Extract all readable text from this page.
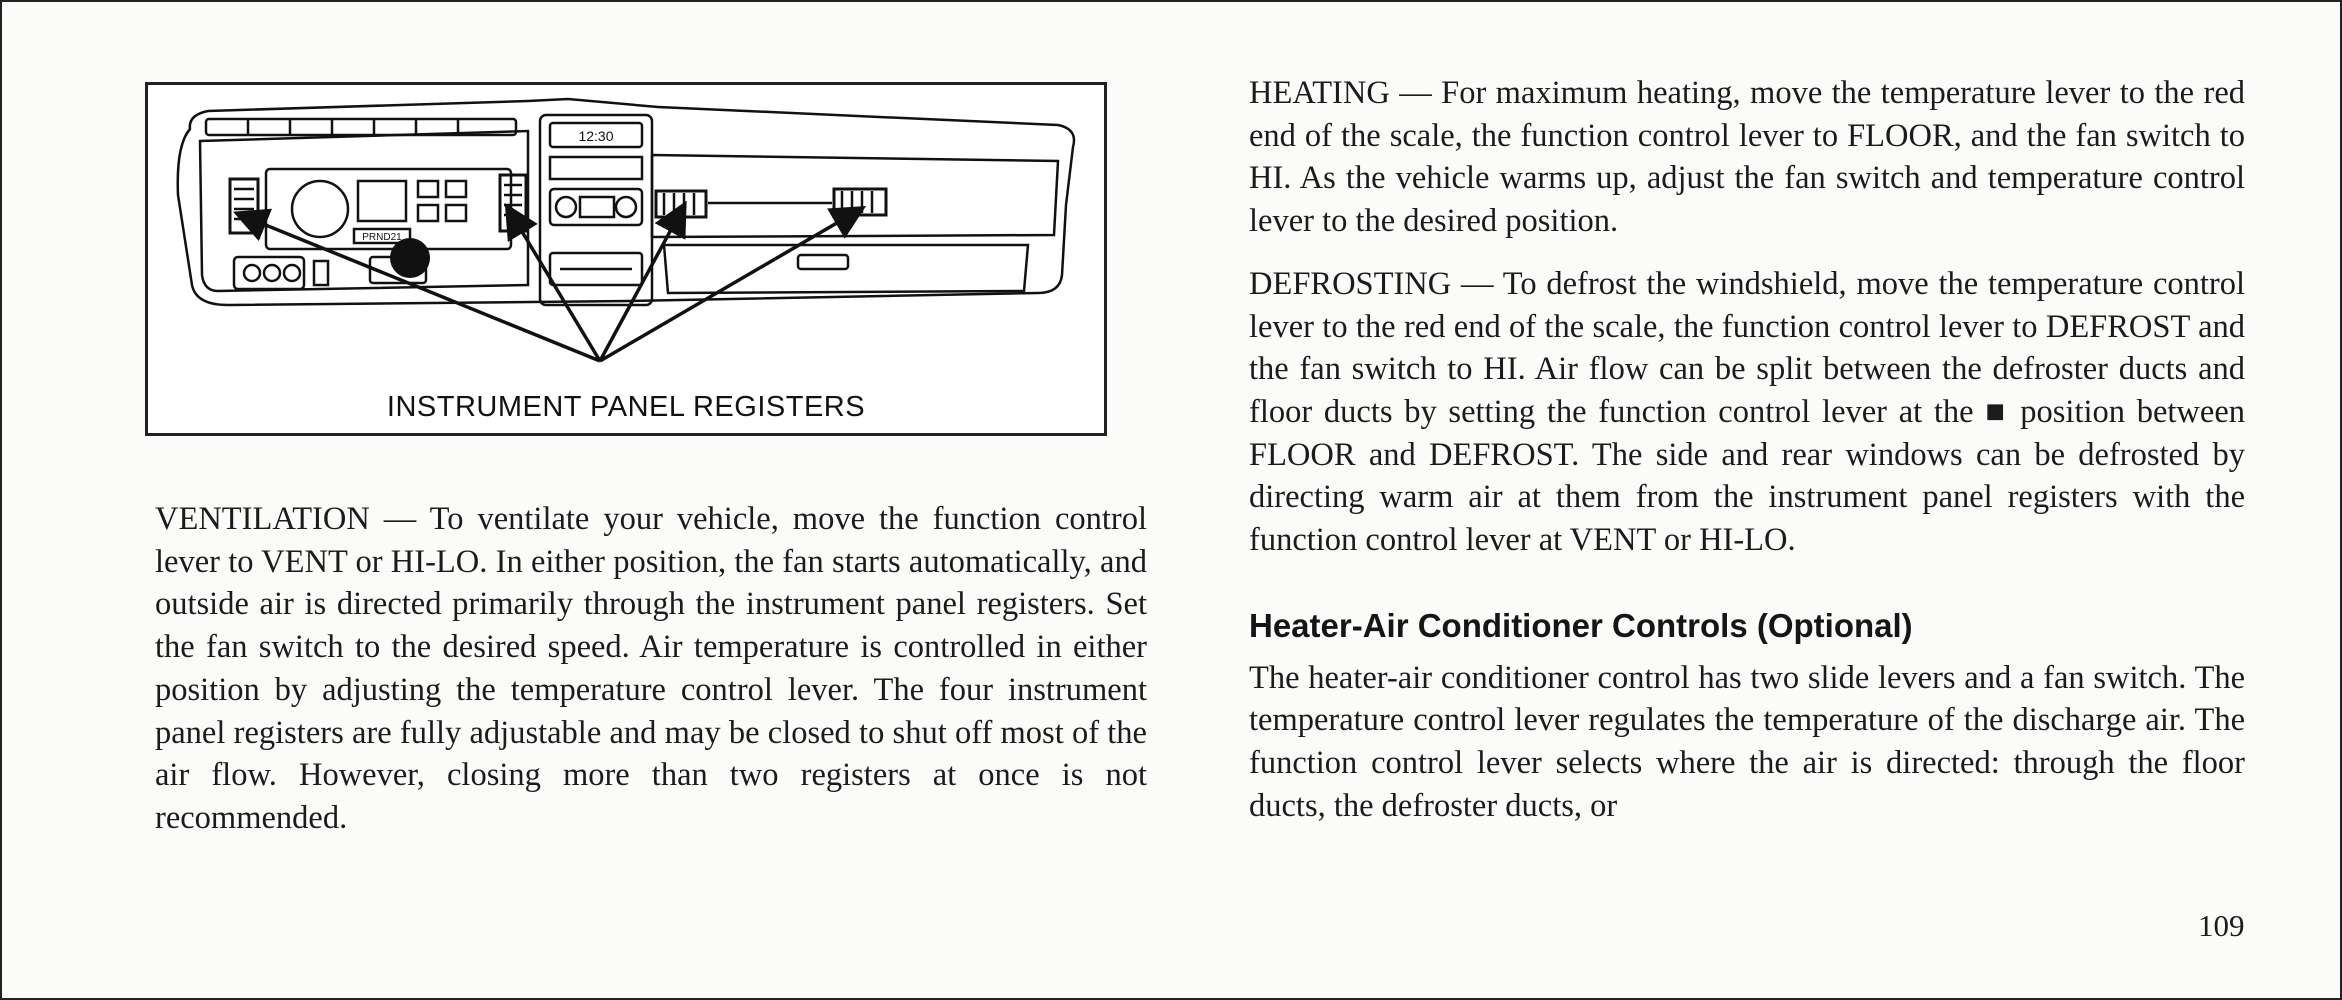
12:30
PRND21
INSTRUMENT PANEL REGISTERS

VENTILATION — To ventilate your vehicle, move the function control lever to VENT or HI-LO. In either position, the fan starts automatically, and outside air is directed primarily through the instrument panel registers. Set the fan switch to the desired speed. Air temperature is controlled in either position by adjusting the temperature control lever. The four instrument panel registers are fully adjustable and may be closed to shut off most of the air flow. However, closing more than two registers at once is not recommended.

HEATING — For maximum heating, move the temperature lever to the red end of the scale, the function control lever to FLOOR, and the fan switch to HI. As the vehicle warms up, adjust the fan switch and temperature control lever to the desired position.

DEFROSTING — To defrost the windshield, move the temperature control lever to the red end of the scale, the function control lever to DEFROST and the fan switch to HI. Air flow can be split between the defroster ducts and floor ducts by setting the function control lever at the ■ position between FLOOR and DEFROST. The side and rear windows can be defrosted by directing warm air at them from the instrument panel registers with the function control lever at VENT or HI-LO.

Heater-Air Conditioner Controls (Optional)

The heater-air conditioner control has two slide levers and a fan switch. The temperature control lever regulates the temperature of the discharge air. The function control lever selects where the air is directed: through the floor ducts, the defroster ducts, or

109
